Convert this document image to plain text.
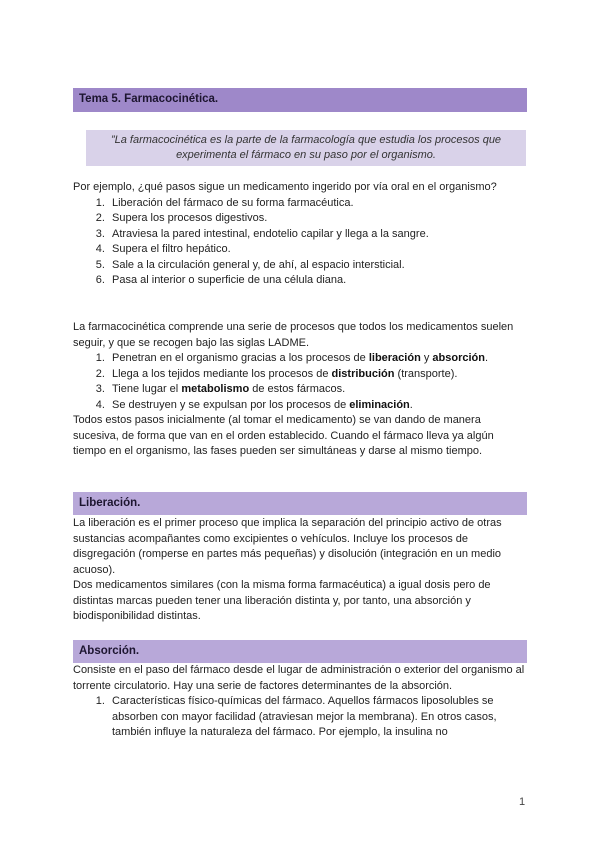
Tema 5. Farmacocinética.
”La farmacocinética es la parte de la farmacología que estudia los procesos que experimenta el fármaco en su paso por el organismo.

Por ejemplo, ¿qué pasos sigue un medicamento ingerido por vía oral en el organismo?

1. Liberación del fármaco de su forma farmacéutica.
2. Supera los procesos digestivos.
3. Atraviesa la pared intestinal, endotelio capilar y llega a la sangre.
4. Supera el filtro hepático.
5. Sale a la circulación general y, de ahí, al espacio intersticial.
6. Pasa al interior o superficie de una célula diana.

La farmacocinética comprende una serie de procesos que todos los medicamentos suelen seguir, y que se recogen bajo las siglas LADME.

1. Penetran en el organismo gracias a los procesos de liberación y absorción.
2. Llega a los tejidos mediante los procesos de distribución (transporte).
3. Tiene lugar el metabolismo de estos fármacos.
4. Se destruyen y se expulsan por los procesos de eliminación.

Todos estos pasos inicialmente (al tomar el medicamento) se van dando de manera sucesiva, de forma que van en el orden establecido. Cuando el fármaco lleva ya algún tiempo en el organismo, las fases pueden ser simultáneas y darse al mismo tiempo.

Liberación.

La liberación es el primer proceso que implica la separación del principio activo de otras sustancias acompañantes como excipientes o vehículos. Incluye los procesos de disgregación (romperse en partes más pequeñas) y disolución (integración en un medio acuoso).

Dos medicamentos similares (con la misma forma farmacéutica) a igual dosis pero de distintas marcas pueden tener una liberación distinta y, por tanto, una absorción y biodisponibilidad distintas.

Absorción.

Consiste en el paso del fármaco desde el lugar de administración o exterior del organismo al torrente circulatorio. Hay una serie de factores determinantes de la absorción.

1. Características físico-químicas del fármaco. Aquellos fármacos liposolubles se absorben con mayor facilidad (atraviesan mejor la membrana). En otros casos, también influye la naturaleza del fármaco. Por ejemplo, la insulina no
1
